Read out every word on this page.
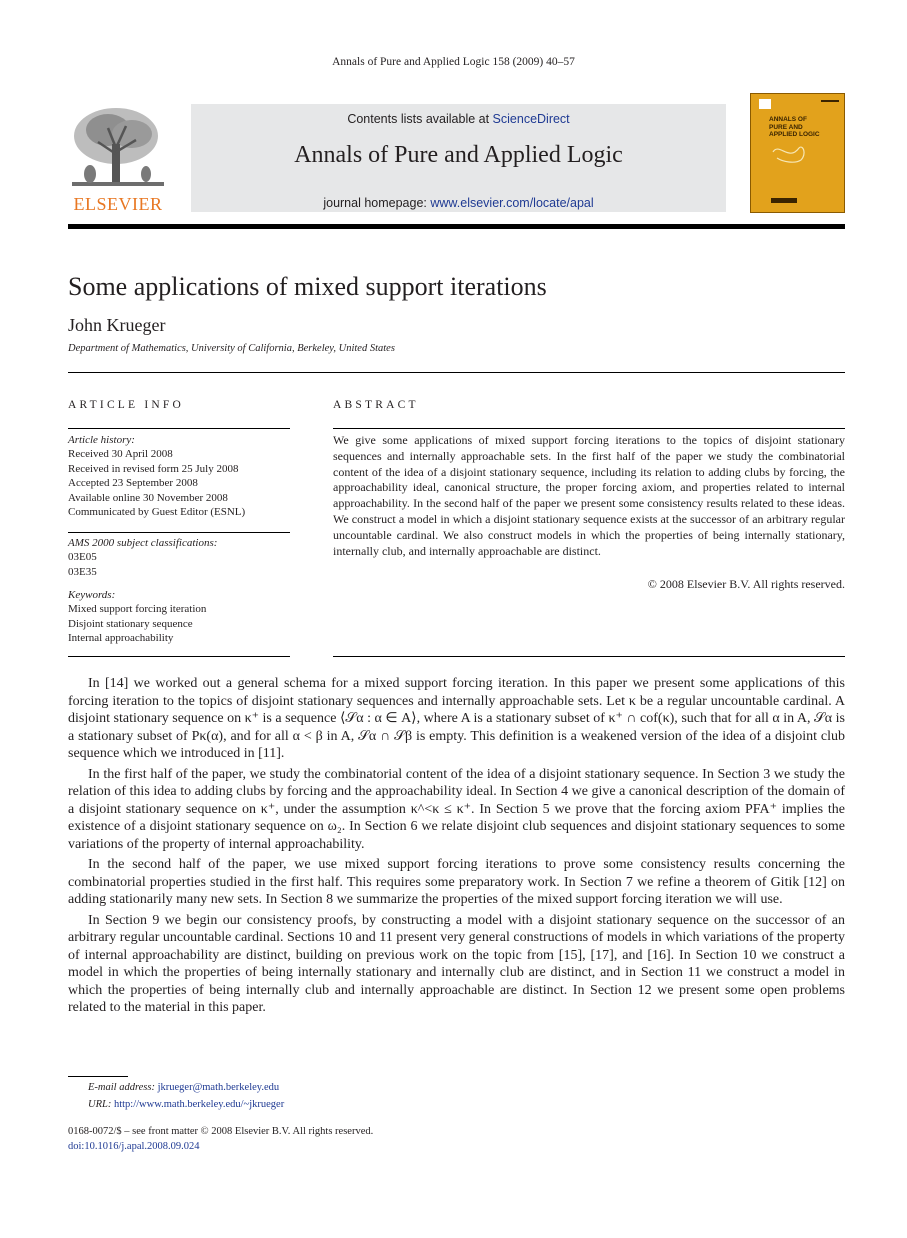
Annals of Pure and Applied Logic 158 (2009) 40–57
ELSEVIER
Contents lists available at ScienceDirect
Annals of Pure and Applied Logic
journal homepage: www.elsevier.com/locate/apal
ANNALS OF
PURE AND
APPLIED LOGIC
Some applications of mixed support iterations
John Krueger
Department of Mathematics, University of California, Berkeley, United States
ARTICLE INFO	ABSTRACT
Article history:
Received 30 April 2008
Received in revised form 25 July 2008
Accepted 23 September 2008
Available online 30 November 2008
Communicated by Guest Editor (ESNL)
AMS 2000 subject classifications:
03E05
03E35
Keywords:
Mixed support forcing iteration
Disjoint stationary sequence
Internal approachability
We give some applications of mixed support forcing iterations to the topics of disjoint stationary sequences and internally approachable sets. In the first half of the paper we study the combinatorial content of the idea of a disjoint stationary sequence, including its relation to adding clubs by forcing, the approachability ideal, canonical structure, the proper forcing axiom, and properties related to internal approachability. In the second half of the paper we present some consistency results related to these ideas. We construct a model in which a disjoint stationary sequence exists at the successor of an arbitrary regular uncountable cardinal. We also construct models in which the properties of being internally stationary, internally club, and internally approachable are distinct.
© 2008 Elsevier B.V. All rights reserved.

In [14] we worked out a general schema for a mixed support forcing iteration. In this paper we present some applications of this forcing iteration to the topics of disjoint stationary sequences and internally approachable sets. Let κ be a regular uncountable cardinal. A disjoint stationary sequence on κ⁺ is a sequence ⟨𝒮α : α ∈ A⟩, where A is a stationary subset of κ⁺ ∩ cof(κ), such that for all α in A, 𝒮α is a stationary subset of Pκ(α), and for all α < β in A, 𝒮α ∩ 𝒮β is empty. This definition is a weakened version of the idea of a disjoint club sequence which we introduced in [11].

In the first half of the paper, we study the combinatorial content of the idea of a disjoint stationary sequence. In Section 3 we study the relation of this idea to adding clubs by forcing and the approachability ideal. In Section 4 we give a canonical description of the domain of a disjoint stationary sequence on κ⁺, under the assumption κ^<κ ≤ κ⁺. In Section 5 we prove that the forcing axiom PFA⁺ implies the existence of a disjoint stationary sequence on ω₂. In Section 6 we relate disjoint club sequences and disjoint stationary sequences to some variations of the property of internal approachability.

In the second half of the paper, we use mixed support forcing iterations to prove some consistency results concerning the combinatorial properties studied in the first half. This requires some preparatory work. In Section 7 we refine a theorem of Gitik [12] on adding stationarily many new sets. In Section 8 we summarize the properties of the mixed support forcing iteration we will use.

In Section 9 we begin our consistency proofs, by constructing a model with a disjoint stationary sequence on the successor of an arbitrary regular uncountable cardinal. Sections 10 and 11 present very general constructions of models in which variations of the property of internal approachability are distinct, building on previous work on the topic from [15], [17], and [16]. In Section 10 we construct a model in which the properties of being internally stationary and internally club are distinct, and in Section 11 we construct a model in which the properties of being internally club and internally approachable are distinct. In Section 12 we present some open problems related to the material in this paper.

E-mail address: jkrueger@math.berkeley.edu
URL: http://www.math.berkeley.edu/~jkrueger
0168-0072/$ – see front matter © 2008 Elsevier B.V. All rights reserved.
doi:10.1016/j.apal.2008.09.024
